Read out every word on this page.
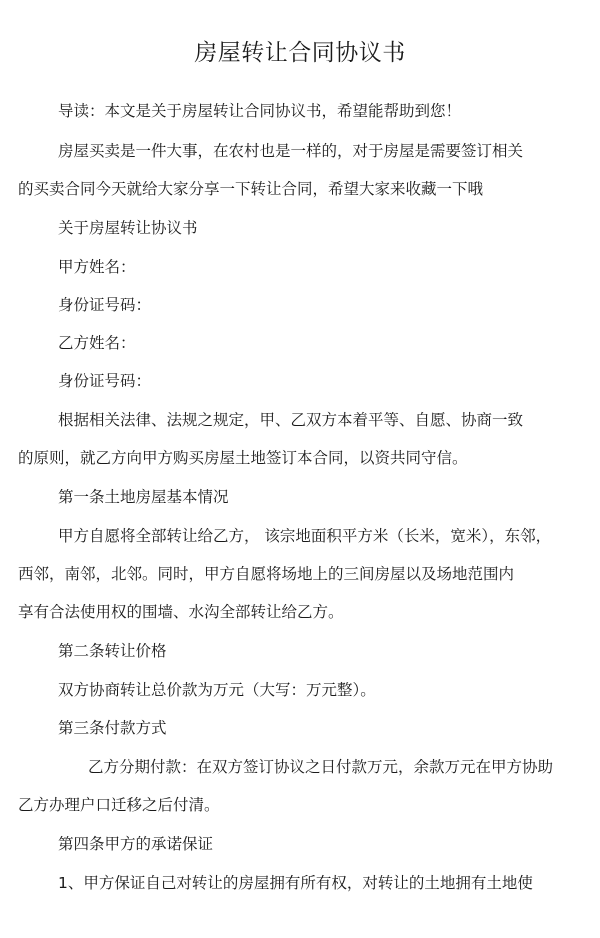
房屋转让合同协议书
导读：本文是关于房屋转让合同协议书，希望能帮助到您！
房屋买卖是一件大事，在农村也是一样的，对于房屋是需要签订相关
的买卖合同今天就给大家分享一下转让合同，希望大家来收藏一下哦
关于房屋转让协议书
甲方姓名：
身份证号码：
乙方姓名：
身份证号码：
根据相关法律、法规之规定，甲、乙双方本着平等、自愿、协商一致
的原则，就乙方向甲方购买房屋土地签订本合同，以资共同守信。
第一条土地房屋基本情况
甲方自愿将全部转让给乙方， 该宗地面积平方米（长米，宽米），东邻，
西邻，南邻，北邻。同时，甲方自愿将场地上的三间房屋以及场地范围内
享有合法使用权的围墙、水沟全部转让给乙方。
第二条转让价格
双方协商转让总价款为万元（大写：万元整）。
第三条付款方式
乙方分期付款：在双方签订协议之日付款万元，余款万元在甲方协助
乙方办理户口迁移之后付清。
第四条甲方的承诺保证
1、甲方保证自己对转让的房屋拥有所有权，对转让的土地拥有土地使
